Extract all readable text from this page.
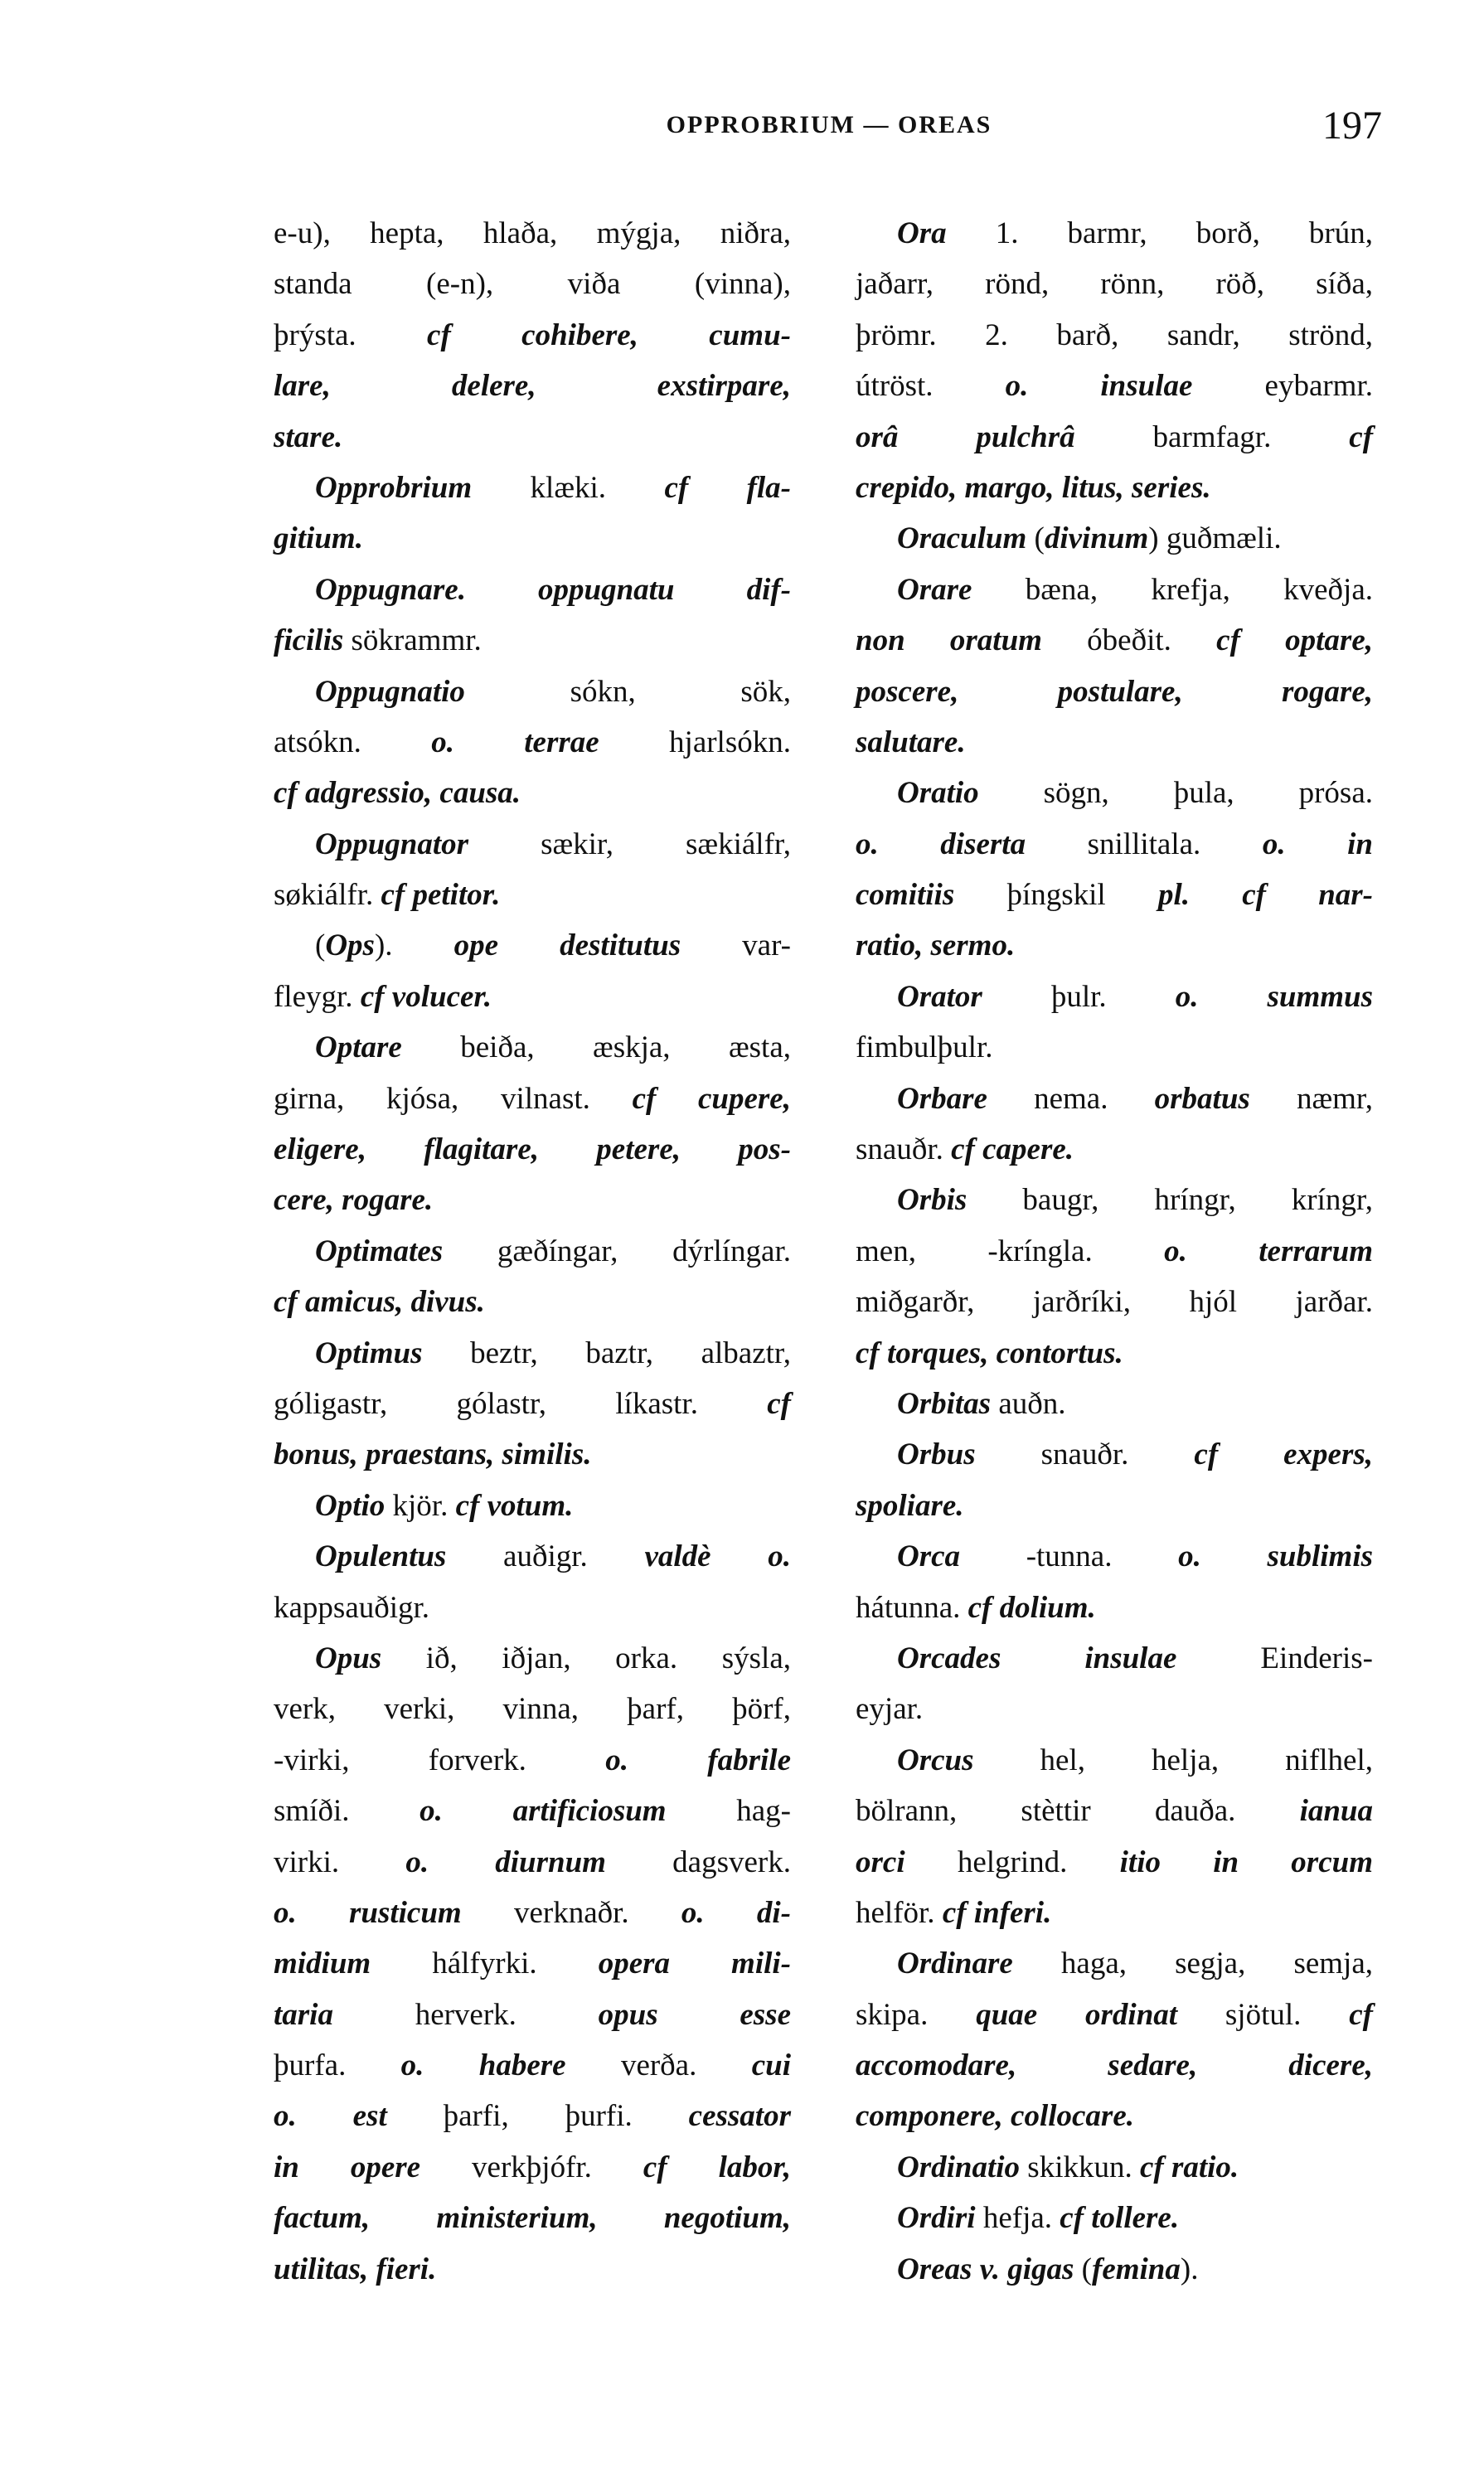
OPPROBRIUM — OREAS	197
e-u), hepta, hlaða, mýgja, niðra,
standa (e-n), viða (vinna),
þrýsta. cf cohibere, cumu-
lare, delere, exstirpare,
stare.
Opprobrium klæki. cf fla-
gitium.
Oppugnare. oppugnatu dif-
ficilis sökrammr.
Oppugnatio sókn, sök,
atsókn. o. terrae hjarlsókn.
cf adgressio, causa.
Oppugnator sækir, sækiálfr,
søkiálfr. cf petitor.
(Ops). ope destitutus var-
fleygr. cf volucer.
Optare beiða, æskja, æsta,
girna, kjósa, vilnast. cf cupere,
eligere, flagitare, petere, pos-
cere, rogare.
Optimates gæðíngar, dýrlíngar.
cf amicus, divus.
Optimus beztr, baztr, albaztr,
góligastr, gólastr, líkastr. cf
bonus, praestans, similis.
Optio kjör. cf votum.
Opulentus auðigr. valdè o.
kappsauðigr.
Opus ið, iðjan, orka. sýsla,
verk, verki, vinna, þarf, þörf,
-virki, forverk. o. fabrile
smíði. o. artificiosum hag-
virki. o. diurnum dagsverk.
o. rusticum verknaðr. o. di-
midium hálfyrki. opera mili-
taria herverk. opus esse
þurfa. o. habere verða. cui
o. est þarfi, þurfi. cessator
in opere verkþjófr. cf labor,
factum, ministerium, negotium,
utilitas, fieri.
Ora 1. barmr, borð, brún,
jaðarr, rönd, rönn, röð, síða,
þrömr. 2. barð, sandr, strönd,
útröst. o. insulae eybarmr.
orâ pulchrâ barmfagr. cf
crepido, margo, litus, series.
Oraculum (divinum) guðmæli.
Orare bæna, krefja, kveðja.
non oratum óbeðit. cf optare,
poscere, postulare, rogare,
salutare.
Oratio sögn, þula, prósa.
o. diserta snillitala. o. in
comitiis þíngskil pl. cf nar-
ratio, sermo.
Orator þulr. o. summus
fimbulþulr.
Orbare nema. orbatus næmr,
snauðr. cf capere.
Orbis baugr, hríngr, kríngr,
men, -kríngla. o. terrarum
miðgarðr, jarðríki, hjól jarðar.
cf torques, contortus.
Orbitas auðn.
Orbus snauðr. cf expers,
spoliare.
Orca -tunna. o. sublimis
hátunna. cf dolium.
Orcades insulae Einderis-
eyjar.
Orcus hel, helja, niflhel,
bölrann, stèttir dauða. ianua
orci helgrind. itio in orcum
helför. cf inferi.
Ordinare haga, segja, semja,
skipa. quae ordinat sjötul. cf
accomodare, sedare, dicere,
componere, collocare.
Ordinatio skikkun. cf ratio.
Ordiri hefja. cf tollere.
Oreas v. gigas (femina).
